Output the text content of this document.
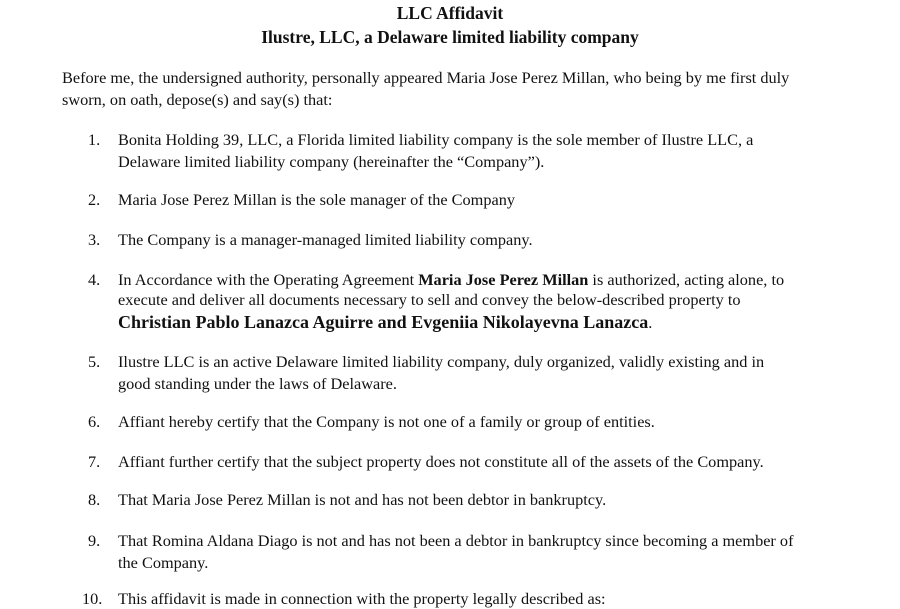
LLC Affidavit
Ilustre, LLC, a Delaware limited liability company
Before me, the undersigned authority, personally appeared Maria Jose Perez Millan, who being by me first duly
sworn, on oath, depose(s) and say(s) that:
1. Bonita Holding 39, LLC, a Florida limited liability company is the sole member of Ilustre LLC, a
Delaware limited liability company (hereinafter the “Company”).
2. Maria Jose Perez Millan is the sole manager of the Company
3. The Company is a manager-managed limited liability company.
4. In Accordance with the Operating Agreement Maria Jose Perez Millan is authorized, acting alone, to
execute and deliver all documents necessary to sell and convey the below-described property to
Christian Pablo Lanazca Aguirre and Evgeniia Nikolayevna Lanazca.
5. Ilustre LLC is an active Delaware limited liability company, duly organized, validly existing and in
good standing under the laws of Delaware.
6. Affiant hereby certify that the Company is not one of a family or group of entities.
7. Affiant further certify that the subject property does not constitute all of the assets of the Company.
8. That Maria Jose Perez Millan is not and has not been debtor in bankruptcy.
9. That Romina Aldana Diago is not and has not been a debtor in bankruptcy since becoming a member of
the Company.
10. This affidavit is made in connection with the property legally described as:
